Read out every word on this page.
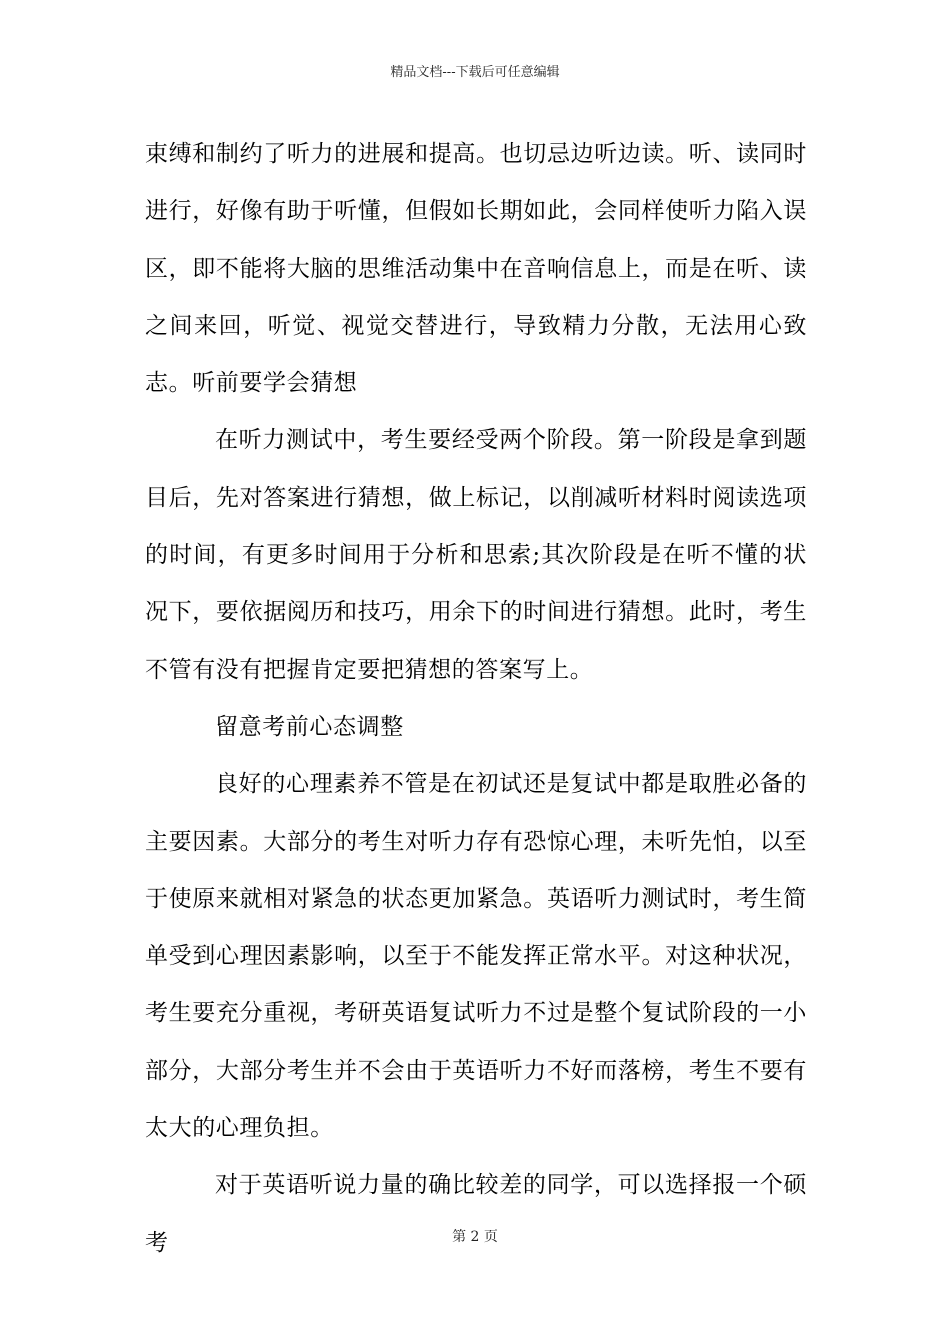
精品文档---下载后可任意编辑

束缚和制约了听力的进展和提高。也切忌边听边读。听、读同时进行，好像有助于听懂，但假如长期如此，会同样使听力陷入误区，即不能将大脑的思维活动集中在音响信息上，而是在听、读之间来回，听觉、视觉交替进行，导致精力分散，无法用心致志。听前要学会猜想

在听力测试中，考生要经受两个阶段。第一阶段是拿到题目后，先对答案进行猜想，做上标记，以削减听材料时阅读选项的时间，有更多时间用于分析和思索;其次阶段是在听不懂的状况下，要依据阅历和技巧，用余下的时间进行猜想。此时，考生不管有没有把握肯定要把猜想的答案写上。

留意考前心态调整

良好的心理素养不管是在初试还是复试中都是取胜必备的主要因素。大部分的考生对听力存有恐惊心理，未听先怕，以至于使原来就相对紧急的状态更加紧急。英语听力测试时，考生简单受到心理因素影响，以至于不能发挥正常水平。对这种状况，考生要充分重视，考研英语复试听力不过是整个复试阶段的一小部分，大部分考生并不会由于英语听力不好而落榜，考生不要有太大的心理负担。

对于英语听说力量的确比较差的同学，可以选择报一个硕考	第 2 页
